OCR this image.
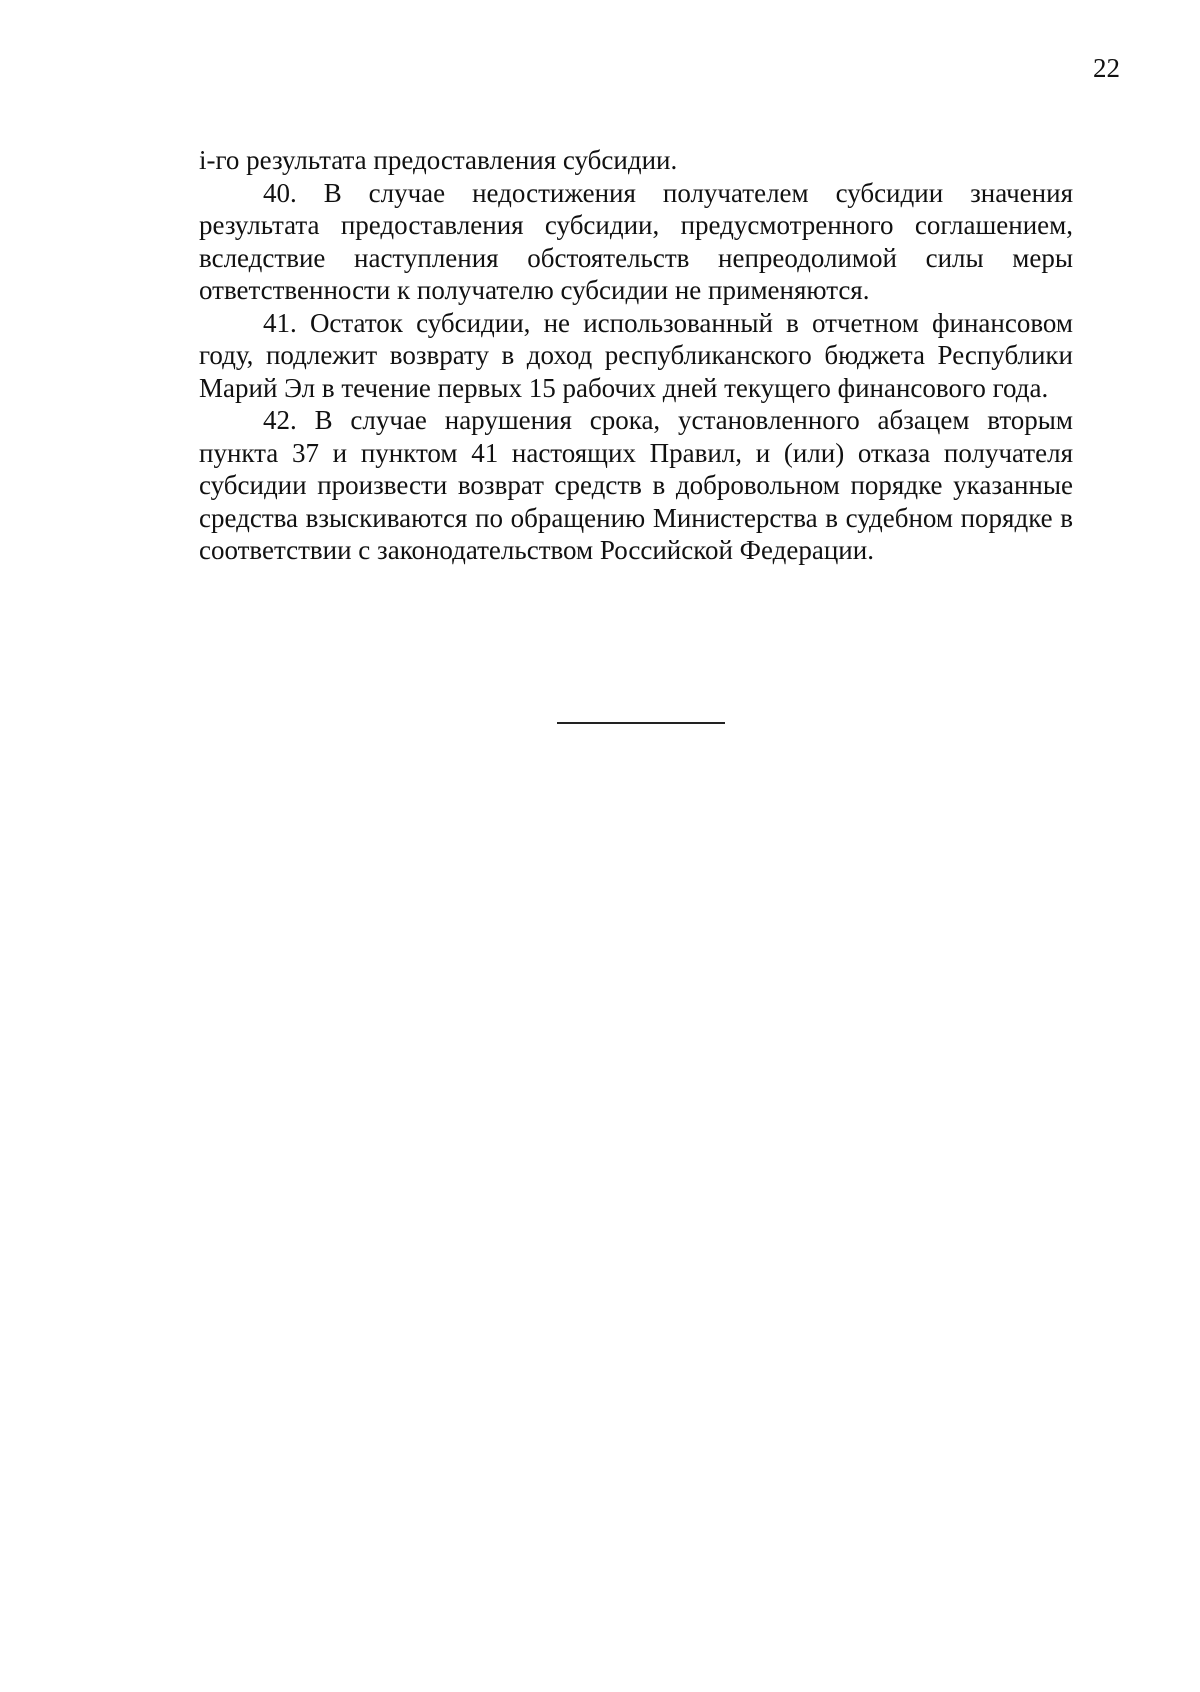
22

i-го результата предоставления субсидии.

40. В случае недостижения получателем субсидии значения результата предоставления субсидии, предусмотренного соглашением, вследствие наступления обстоятельств непреодолимой силы меры ответственности к получателю субсидии не применяются.

41. Остаток субсидии, не использованный в отчетном финансовом году, подлежит возврату в доход республиканского бюджета Республики Марий Эл в течение первых 15 рабочих дней текущего финансового года.

42. В случае нарушения срока, установленного абзацем вторым пункта 37 и пунктом 41 настоящих Правил, и (или) отказа получателя субсидии произвести возврат средств в добровольном порядке указанные средства взыскиваются по обращению Министерства в судебном порядке в соответствии с законодательством Российской Федерации.
